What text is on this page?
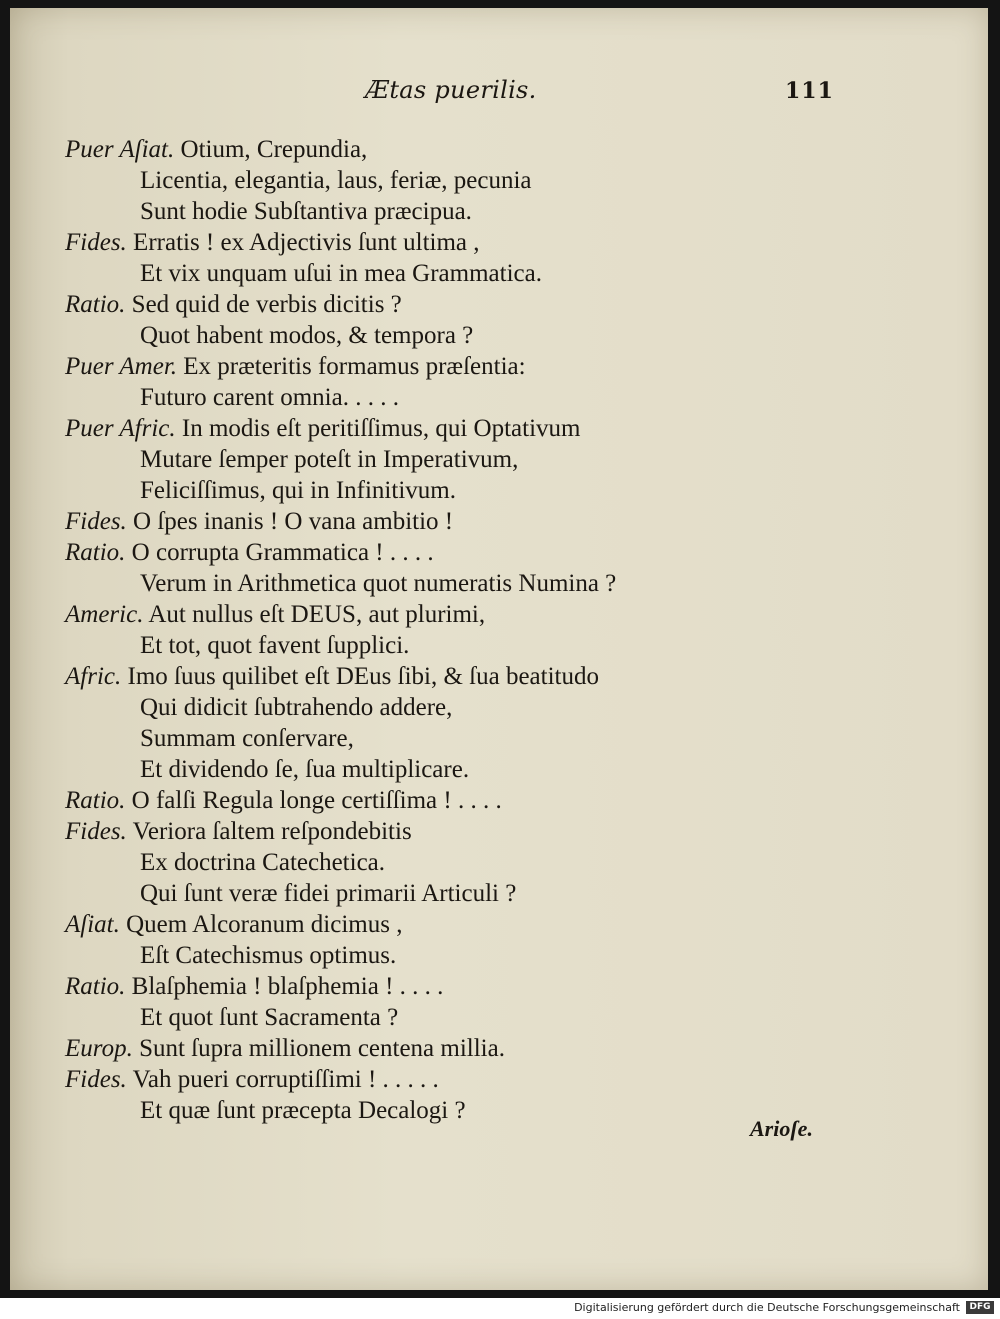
Ætas puerilis.	111
Puer Aſiat. Otium, Crepundia,
Licentia, elegantia, laus, feriæ, pecunia
Sunt hodie Subſtantiva præcipua.
Fides. Erratis ! ex Adjectivis ſunt ultima ,
Et vix unquam uſui in mea Grammatica.
Ratio. Sed quid de verbis dicitis ?
Quot habent modos, & tempora ?
Puer Amer. Ex præteritis formamus præſentia:
Futuro carent omnia. . . . .
Puer Afric. In modis eſt peritiſſimus, qui Optativum
Mutare ſemper poteſt in Imperativum,
Feliciſſimus, qui in Infinitivum.
Fides. O ſpes inanis ! O vana ambitio !
Ratio. O corrupta Grammatica ! . . . .
Verum in Arithmetica quot numeratis Numina ?
Americ. Aut nullus eſt DEUS, aut plurimi,
Et tot, quot favent ſupplici.
Afric. Imo ſuus quilibet eſt DEus ſibi, & ſua beatitudo
Qui didicit ſubtrahendo addere,
Summam conſervare,
Et dividendo ſe, ſua multiplicare.
Ratio. O falſi Regula longe certiſſima ! . . . .
Fides. Veriora ſaltem reſpondebitis
Ex doctrina Catechetica.
Qui ſunt veræ fidei primarii Articuli ?
Aſiat. Quem Alcoranum dicimus ,
Eſt Catechismus optimus.
Ratio. Blaſphemia ! blaſphemia ! . . . .
Et quot ſunt Sacramenta ?
Europ. Sunt ſupra millionem centena millia.
Fides. Vah pueri corruptiſſimi ! . . . . .
Et quæ ſunt præcepta Decalogi ?
Arioſe.
Digitalisierung gefördert durch die Deutsche Forschungsgemeinschaft	DFG
